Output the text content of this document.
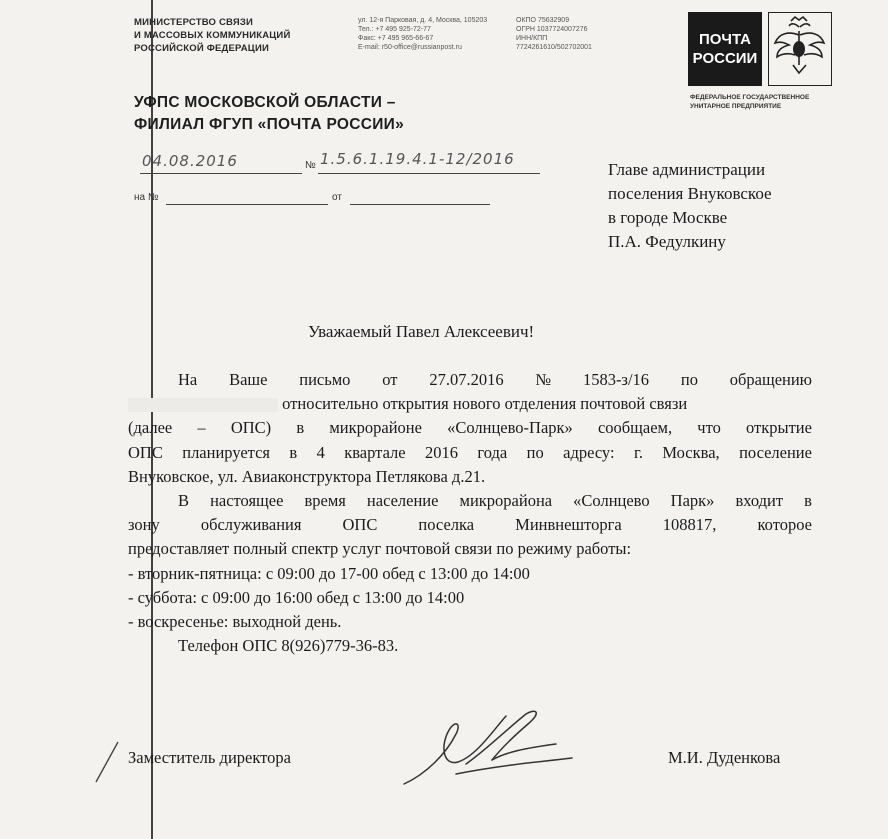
МИНИСТЕРСТВО СВЯЗИ
И МАССОВЫХ КОММУНИКАЦИЙ
РОССИЙСКОЙ ФЕДЕРАЦИИ
ул. 12-я Парковая, д. 4, Москва, 105203
Тел.: +7 495 925-72-77
Факс: +7 495 965-66-67
E-mail: r50-office@russianpost.ru
ОКПО 75632909
ОГРН 1037724007276
ИНН/КПП
7724261610/502702001	ПОЧТА
РОССИИ
ФЕДЕРАЛЬНОЕ ГОСУДАРСТВЕННОЕ
УНИТАРНОЕ ПРЕДПРИЯТИЕ
УФПС МОСКОВСКОЙ ОБЛАСТИ –
ФИЛИАЛ ФГУП «ПОЧТА РОССИИ»
04.08.2016	№ 1.5.6.1.19.4.1-12/2016
на №	от
Главе администрации
поселения Внуковское
в городе Москве
П.А. Федулкину
Уважаемый Павел Алексеевич!
На Ваше письмо от 27.07.2016 № 1583-з/16 по обращению
относительно открытия нового отделения почтовой связи
(далее – ОПС) в микрорайоне «Солнцево-Парк» сообщаем, что открытие
ОПС планируется в 4 квартале 2016 года по адресу: г. Москва, поселение
Внуковское, ул. Авиаконструктора Петлякова д.21.
В настоящее время население микрорайона «Солнцево Парк» входит в
зону обслуживания ОПС поселка Минвнешторга 108817, которое
предоставляет полный спектр услуг почтовой связи по режиму работы:
- вторник-пятница: с 09:00 до 17-00 обед с 13:00 до 14:00
- суббота: с 09:00 до 16:00 обед с 13:00 до 14:00
- воскресенье: выходной день.
Телефон ОПС 8(926)779-36-83.
Заместитель директора	М.И. Дуденкова
